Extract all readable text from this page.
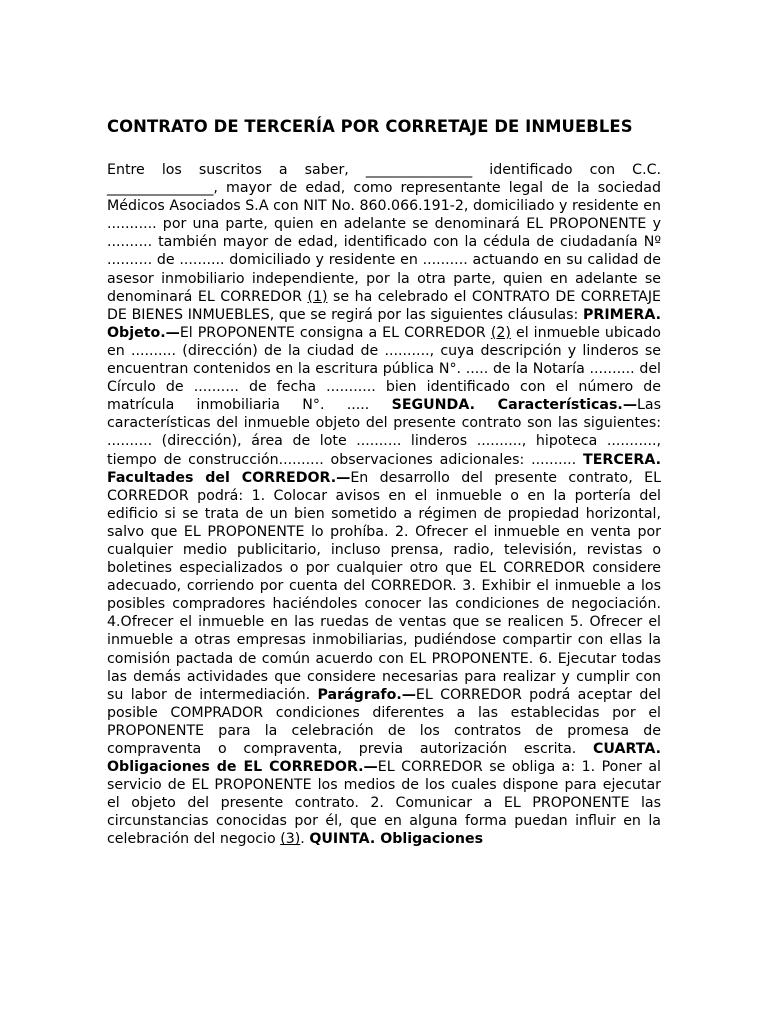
CONTRATO DE TERCERÍA POR CORRETAJE DE INMUEBLES

Entre los suscritos a saber, _______________ identificado con C.C. _______________, mayor de edad, como representante legal de la sociedad Médicos Asociados S.A con NIT No. 860.066.191-2, domiciliado y residente en ........... por una parte, quien en adelante se denominará EL PROPONENTE y .......... también mayor de edad, identificado con la cédula de ciudadanía Nº .......... de .......... domiciliado y residente en .......... actuando en su calidad de asesor inmobiliario independiente, por la otra parte, quien en adelante se denominará EL CORREDOR (1) se ha celebrado el CONTRATO DE CORRETAJE DE BIENES INMUEBLES, que se regirá por las siguientes cláusulas: PRIMERA. Objeto.—El PROPONENTE consigna a EL CORREDOR (2) el inmueble ubicado en .......... (dirección) de la ciudad de .........., cuya descripción y linderos se encuentran contenidos en la escritura pública N°. ..... de la Notaría .......... del Círculo de .......... de fecha ........... bien identificado con el número de matrícula inmobiliaria N°. ..... SEGUNDA. Características.—Las características del inmueble objeto del presente contrato son las siguientes: .......... (dirección), área de lote .......... linderos .........., hipoteca ..........., tiempo de construcción.......... observaciones adicionales: .......... TERCERA. Facultades del CORREDOR.—En desarrollo del presente contrato, EL CORREDOR podrá: 1. Colocar avisos en el inmueble o en la portería del edificio si se trata de un bien sometido a régimen de propiedad horizontal, salvo que EL PROPONENTE lo prohíba. 2. Ofrecer el inmueble en venta por cualquier medio publicitario, incluso prensa, radio, televisión, revistas o boletines especializados o por cualquier otro que EL CORREDOR considere adecuado, corriendo por cuenta del CORREDOR. 3. Exhibir el inmueble a los posibles compradores haciéndoles conocer las condiciones de negociación. 4.Ofrecer el inmueble en las ruedas de ventas que se realicen 5. Ofrecer el inmueble a otras empresas inmobiliarias, pudiéndose compartir con ellas la comisión pactada de común acuerdo con EL PROPONENTE. 6. Ejecutar todas las demás actividades que considere necesarias para realizar y cumplir con su labor de intermediación. Parágrafo.—EL CORREDOR podrá aceptar del posible COMPRADOR condiciones diferentes a las establecidas por el PROPONENTE para la celebración de los contratos de promesa de compraventa o compraventa, previa autorización escrita. CUARTA. Obligaciones de EL CORREDOR.—EL CORREDOR se obliga a: 1. Poner al servicio de EL PROPONENTE los medios de los cuales dispone para ejecutar el objeto del presente contrato. 2. Comunicar a EL PROPONENTE las circunstancias conocidas por él, que en alguna forma puedan influir en la celebración del negocio (3). QUINTA. Obligaciones
